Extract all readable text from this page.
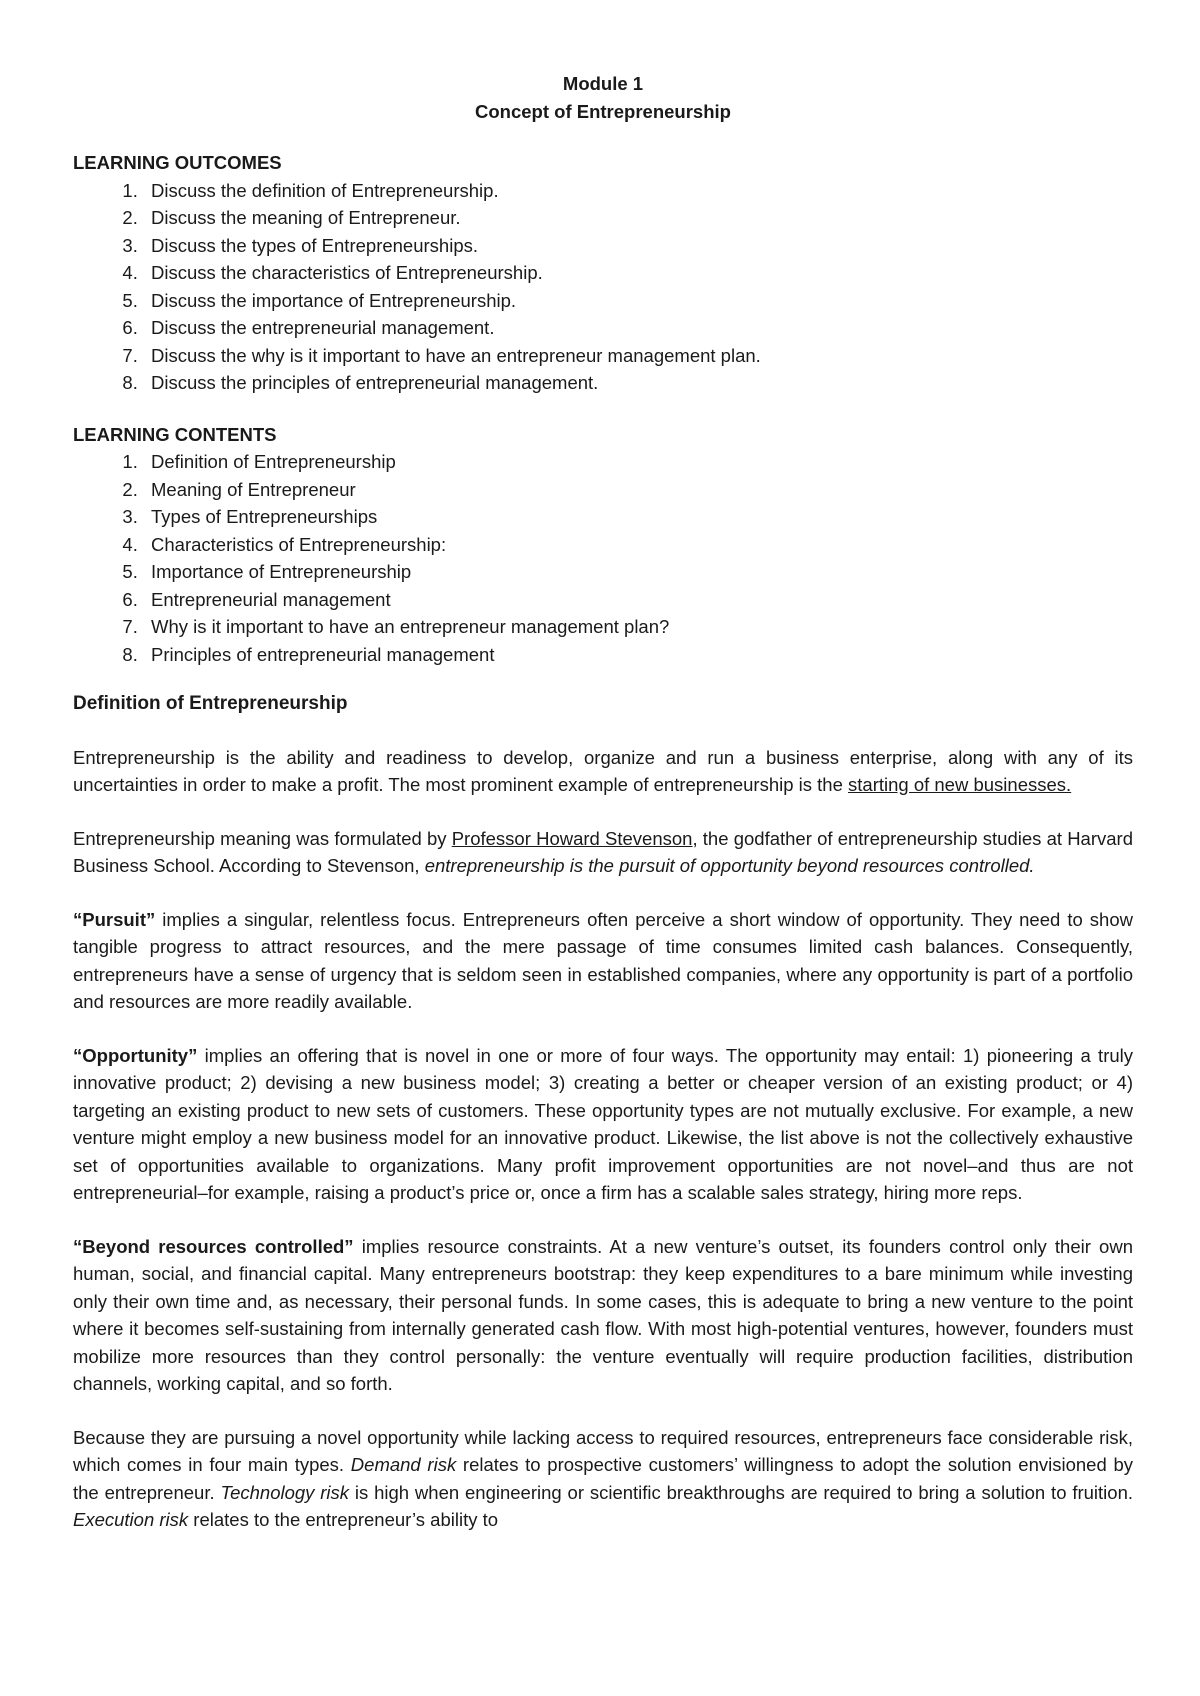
Module 1
Concept of Entrepreneurship
LEARNING OUTCOMES
1. Discuss the definition of Entrepreneurship.
2. Discuss the meaning of Entrepreneur.
3. Discuss the types of Entrepreneurships.
4. Discuss the characteristics of Entrepreneurship.
5. Discuss the importance of Entrepreneurship.
6. Discuss the entrepreneurial management.
7. Discuss the why is it important to have an entrepreneur management plan.
8. Discuss the principles of entrepreneurial management.
LEARNING CONTENTS
1. Definition of Entrepreneurship
2. Meaning of Entrepreneur
3. Types of Entrepreneurships
4. Characteristics of Entrepreneurship:
5. Importance of Entrepreneurship
6. Entrepreneurial management
7. Why is it important to have an entrepreneur management plan?
8. Principles of entrepreneurial management
Definition of Entrepreneurship

Entrepreneurship is the ability and readiness to develop, organize and run a business enterprise, along with any of its uncertainties in order to make a profit. The most prominent example of entrepreneurship is the starting of new businesses.

Entrepreneurship meaning was formulated by Professor Howard Stevenson, the godfather of entrepreneurship studies at Harvard Business School. According to Stevenson, entrepreneurship is the pursuit of opportunity beyond resources controlled.

“Pursuit” implies a singular, relentless focus. Entrepreneurs often perceive a short window of opportunity. They need to show tangible progress to attract resources, and the mere passage of time consumes limited cash balances. Consequently, entrepreneurs have a sense of urgency that is seldom seen in established companies, where any opportunity is part of a portfolio and resources are more readily available.

“Opportunity” implies an offering that is novel in one or more of four ways. The opportunity may entail: 1) pioneering a truly innovative product; 2) devising a new business model; 3) creating a better or cheaper version of an existing product; or 4) targeting an existing product to new sets of customers. These opportunity types are not mutually exclusive. For example, a new venture might employ a new business model for an innovative product. Likewise, the list above is not the collectively exhaustive set of opportunities available to organizations. Many profit improvement opportunities are not novel–and thus are not entrepreneurial–for example, raising a product’s price or, once a firm has a scalable sales strategy, hiring more reps.

“Beyond resources controlled” implies resource constraints. At a new venture’s outset, its founders control only their own human, social, and financial capital. Many entrepreneurs bootstrap: they keep expenditures to a bare minimum while investing only their own time and, as necessary, their personal funds. In some cases, this is adequate to bring a new venture to the point where it becomes self-sustaining from internally generated cash flow. With most high-potential ventures, however, founders must mobilize more resources than they control personally: the venture eventually will require production facilities, distribution channels, working capital, and so forth.

Because they are pursuing a novel opportunity while lacking access to required resources, entrepreneurs face considerable risk, which comes in four main types. Demand risk relates to prospective customers’ willingness to adopt the solution envisioned by the entrepreneur. Technology risk is high when engineering or scientific breakthroughs are required to bring a solution to fruition. Execution risk relates to the entrepreneur’s ability to
